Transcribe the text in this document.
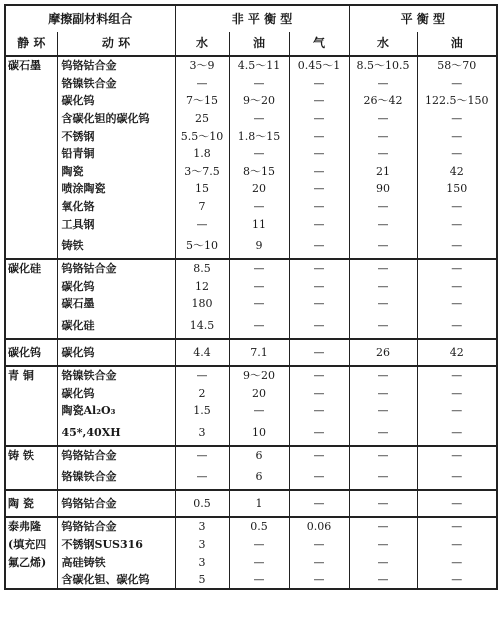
摩擦副材料组合		非 平 衡 型			平 衡 型	
静 环	动 环	水	油	气	水	油
碳石墨	钨铬钴合金	3～9	4.5～11	0.45～1	8.5～10.5	58～70
	铬镍铁合金	—	—	—	—	—
	碳化钨	7～15	9～20	—	26～42	122.5～150
	含碳化钽的碳化钨	25	—	—	—	—
	不锈钢	5.5～10	1.8～15	—	—	—
	铅青铜	1.8	—	—	—	—
	陶瓷	3～7.5	8～15	—	21	42
	喷涂陶瓷	15	20	—	90	150
	氧化铬	7	—	—	—	—
	工具钢	—	11	—	—	—
	铸铁	5～10	9	—	—	—
碳化硅	钨铬钴合金	8.5	—	—	—	—
	碳化钨	12	—	—	—	—
	碳石墨	180	—	—	—	—
	碳化硅	14.5	—	—	—	—
碳化钨	碳化钨	4.4	7.1	—	26	42
青 铜	铬镍铁合金	—	9～20	—	—	—
	碳化钨	2	20	—	—	—
	陶瓷Al₂O₃	1.5	—	—	—	—
	45*,40XH	3	10	—	—	—
铸 铁	钨铬钴合金	—	6	—	—	—
	铬镍铁合金	—	6	—	—	—
陶 瓷	钨铬钴合金	0.5	1	—	—	—
泰弗隆	钨铬钴合金	3	0.5	0.06	—	—
(填充四	不锈钢SUS316	3	—	—	—	—
氟乙烯)	高硅铸铁	3	—	—	—	—
	含碳化钽、碳化钨	5	—	—	—	—
